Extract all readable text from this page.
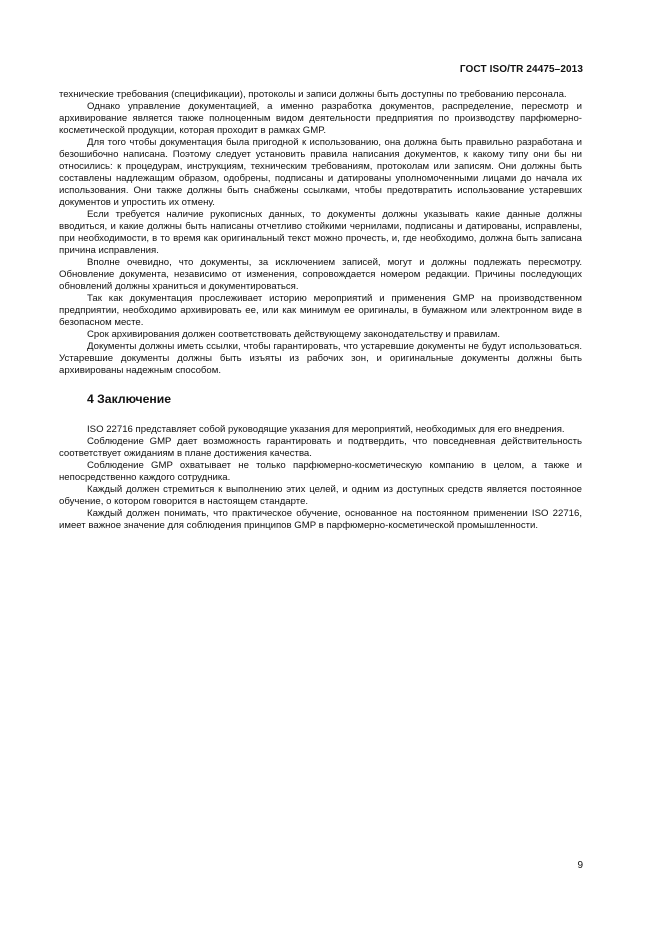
ГОСТ ISO/TR 24475–2013

технические требования (спецификации), протоколы и записи должны быть доступны по требованию персонала.

Однако управление документацией, а именно разработка документов, распределение, пересмотр и архивирование является также полноценным видом деятельности предприятия по производству парфюмерно-косметической продукции, которая проходит в рамках GMP.

Для того чтобы документация была пригодной к использованию, она должна быть правильно разработана и безошибочно написана. Поэтому следует установить правила написания документов, к какому типу они бы ни относились: к процедурам, инструкциям, техническим требованиям, протоколам или записям. Они должны быть составлены надлежащим образом, одобрены, подписаны и датированы уполномоченными лицами до начала их использования. Они также должны быть снабжены ссылками, чтобы предотвратить использование устаревших документов и упростить их отмену.

Если требуется наличие рукописных данных, то документы должны указывать какие данные должны вводиться, и какие должны быть написаны отчетливо стойкими чернилами, подписаны и датированы, исправлены, при необходимости, в то время как оригинальный текст можно прочесть, и, где необходимо, должна быть записана причина исправления.

Вполне очевидно, что документы, за исключением записей, могут и должны подлежать пересмотру. Обновление документа, независимо от изменения, сопровождается номером редакции. Причины последующих обновлений должны храниться и документироваться.

Так как документация прослеживает историю мероприятий и применения GMP на производственном предприятии, необходимо архивировать ее, или как минимум ее оригиналы, в бумажном или электронном виде в безопасном месте.

Срок архивирования должен соответствовать действующему законодательству и правилам.

Документы должны иметь ссылки, чтобы гарантировать, что устаревшие документы не будут использоваться. Устаревшие документы должны быть изъяты из рабочих зон, и оригинальные документы должны быть архивированы надежным способом.

4 Заключение

ISO 22716 представляет собой руководящие указания для мероприятий, необходимых для его внедрения.

Соблюдение GMP дает возможность гарантировать и подтвердить, что повседневная действительность соответствует ожиданиям в плане достижения качества.

Соблюдение GMP охватывает не только парфюмерно-косметическую компанию в целом, а также и непосредственно каждого сотрудника.

Каждый должен стремиться к выполнению этих целей, и одним из доступных средств является постоянное обучение, о котором говорится в настоящем стандарте.

Каждый должен понимать, что практическое обучение, основанное на постоянном применении ISO 22716, имеет важное значение для соблюдения принципов GMP в парфюмерно-косметической промышленности.

9
